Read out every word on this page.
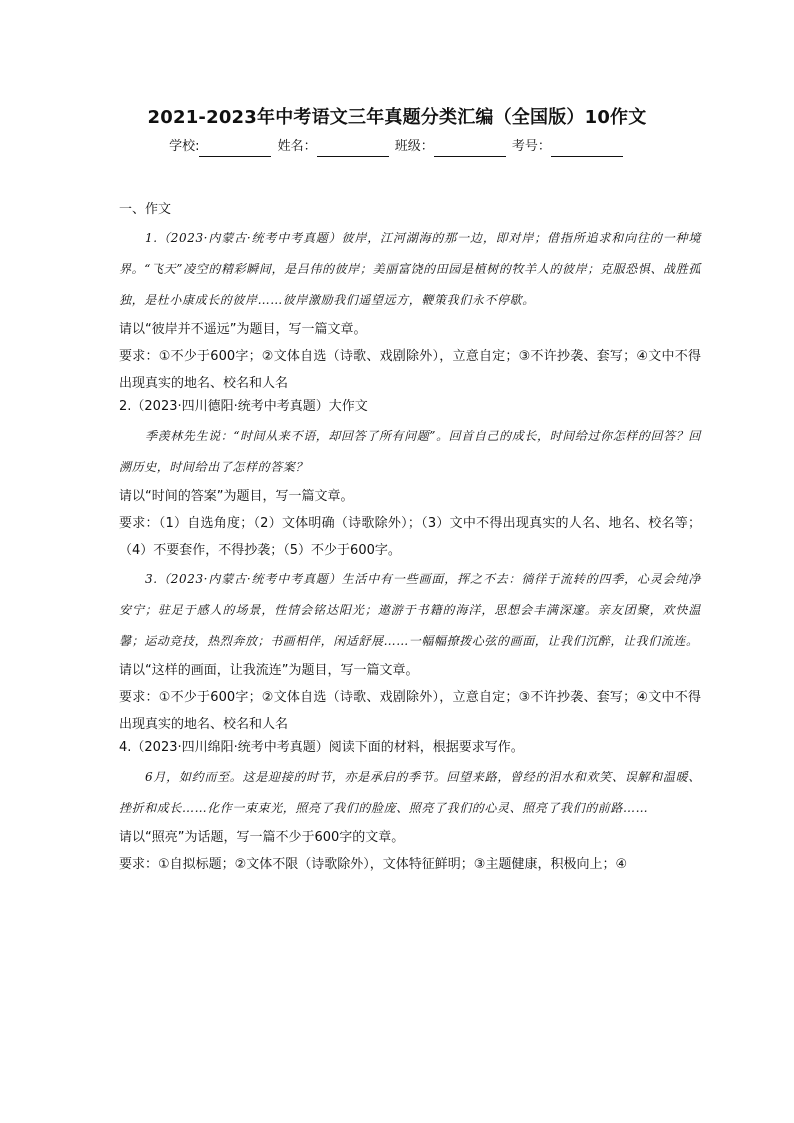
2021-2023年中考语文三年真题分类汇编（全国版）10作文
学校:	姓名：	班级：	考号：
一、作文
1.（2023·内蒙古·统考中考真题）彼岸，江河湖海的那一边，即对岸；借指所追求和向往的一种境界。“飞天”凌空的精彩瞬间，是吕伟的彼岸；美丽富饶的田园是植树的牧羊人的彼岸；克服恐惧、战胜孤独，是杜小康成长的彼岸……彼岸激励我们遥望远方，鞭策我们永不停歇。
请以“彼岸并不遥远”为题目，写一篇文章。
要求：①不少于600字；②文体自选（诗歌、戏剧除外），立意自定；③不许抄袭、套写；④文中不得出现真实的地名、校名和人名
2.（2023·四川德阳·统考中考真题）大作文
季羡林先生说：“时间从来不语，却回答了所有问题”。回首自己的成长，时间给过你怎样的回答？回溯历史，时间给出了怎样的答案？
请以“时间的答案”为题目，写一篇文章。
要求：（1）自选角度；（2）文体明确（诗歌除外）；（3）文中不得出现真实的人名、地名、校名等；（4）不要套作，不得抄袭；（5）不少于600字。
3.（2023·内蒙古·统考中考真题）生活中有一些画面，挥之不去：徜徉于流转的四季，心灵会纯净安宁；驻足于感人的场景，性情会铭达阳光；遨游于书籍的海洋，思想会丰满深邃。亲友团聚，欢快温馨；运动竞技，热烈奔放；书画相伴，闲适舒展……一幅幅撩拨心弦的画面，让我们沉醉，让我们流连。
请以“这样的画面，让我流连”为题目，写一篇文章。
要求：①不少于600字；②文体自选（诗歌、戏剧除外），立意自定；③不许抄袭、套写；④文中不得出现真实的地名、校名和人名
4.（2023·四川绵阳·统考中考真题）阅读下面的材料，根据要求写作。
6月，如约而至。这是迎接的时节，亦是承启的季节。回望来路，曾经的泪水和欢笑、误解和温暖、挫折和成长……化作一束束光，照亮了我们的脸庞、照亮了我们的心灵、照亮了我们的前路……
请以“照亮”为话题，写一篇不少于600字的文章。
要求：①自拟标题；②文体不限（诗歌除外），文体特征鲜明；③主题健康，积极向上；④
